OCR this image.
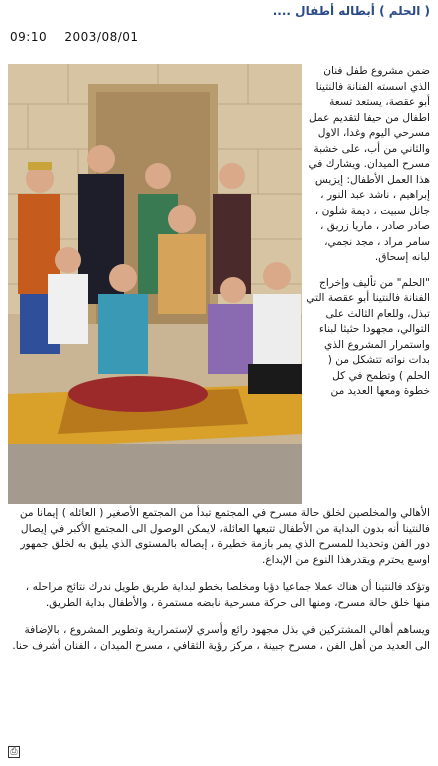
( الحلم ) أبطاله أطفال ....
09:10 2003/08/01

ضمن مشروع طفل فنان الذي اسسته الفنانة فالنتينا أبو عقصة، يستعد تسعة اطفال من حيفا لتقديم عمل مسرحي اليوم وغدا، الاول والثاني من أب، على خشبة مسرح الميدان. ويشارك في هذا العمل الأطفال: إيزيس إبراهيم ، ناشد عبد النور ، جانل سبيت ، ديمة شلون ، صادر صادر ، ماريا زريق ، سامر مراد ، مجد نجمي، لبانه إسحاق.

"الحلم" من تأليف وإخراج الفنانة فالنتينا أبو عقصة التي تبذل، وللعام الثالث على التوالي، مجهودا حثيثا لبناء واستمرار المشروع الذي بدات نواته تتشكل من ( الحلم ) وتطمح في كل خطوة ومعها العديد من

الأهالي والمخلصين لخلق حالة مسرح في المجتمع تبدأ من المجتمع الأصغير ( العائله ) إيمانا من فالنتينا أنه بدون البداية من الأطفال تتبعها العائلة، لايمكن الوصول الى المجتمع الأكبر في إيصال دور الفن وتحديدا للمسرح الذي يمر بازمة خطيرة ، إيصاله بالمستوى الذي يليق به لخلق جمهور اوسع يحترم ويقدرهذا النوع من الإبداع.

وتؤكد فالنتينا أن هناك عملا جماعيا دؤبا ومخلصا بخطو لبداية طريق طويل ندرك نتائج مراحله ، منها خلق حالة مسرح، ومنها الى حركة مسرحية نابضه مستمرة ، والأطفال بداية الطريق.

ويساهم أهالي المشتركين في بذل مجهود رائع وأسري لإستمرارية وتطوير المشروع ، بالإضافة الى العديد من أهل الفن ، مسرح جبينة ، مركز رؤية الثقافي ، مسرح الميدان ، الفنان أشرف حنا.

⎙
